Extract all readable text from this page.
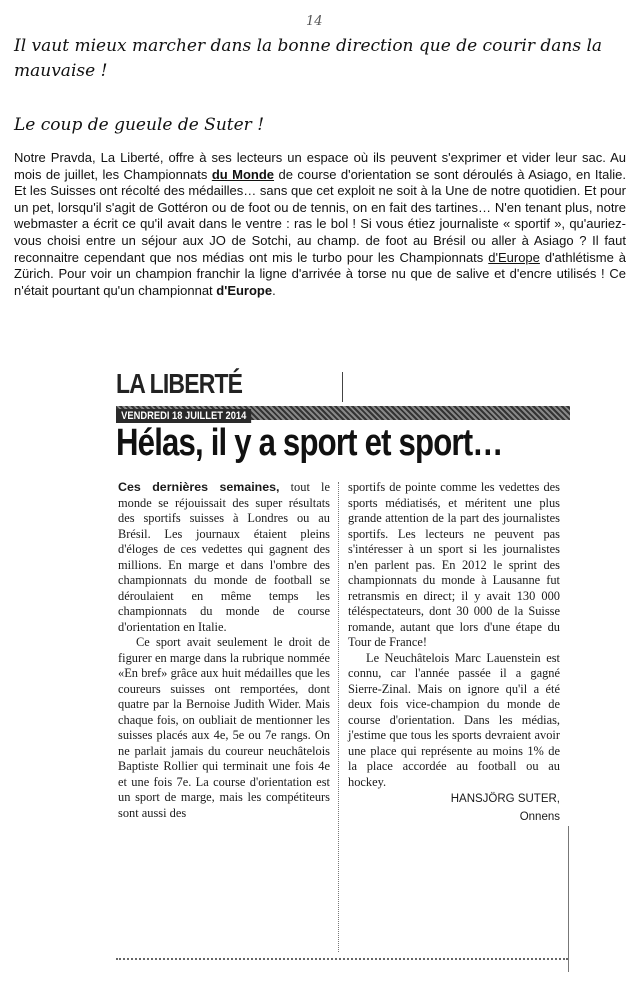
14
Il vaut mieux marcher dans la bonne direction que de courir dans la mauvaise !
Le coup de gueule de Suter !
Notre Pravda, La Liberté, offre à ses lecteurs un espace où ils peuvent s'exprimer et vider leur sac. Au mois de juillet, les Championnats du Monde de course d'orientation se sont déroulés à Asiago, en Italie. Et les Suisses ont récolté des médailles… sans que cet exploit ne soit à la Une de notre quotidien. Et pour un pet, lorsqu'il s'agit de Gottéron ou de foot ou de tennis, on en fait des tartines… N'en tenant plus, notre webmaster a écrit ce qu'il avait dans le ventre : ras le bol ! Si vous étiez journaliste « sportif », qu'auriez-vous choisi entre un séjour aux JO de Sotchi, au champ. de foot au Brésil ou aller à Asiago ? Il faut reconnaitre cependant que nos médias ont mis le turbo pour les Championnats d'Europe d'athlétisme à Zürich. Pour voir un champion franchir la ligne d'arrivée à torse nu que de salive et d'encre utilisés ! Ce n'était pourtant qu'un championnat d'Europe.
LA LIBERTÉ
VENDREDI 18 JUILLET 2014
Hélas, il y a sport et sport…

Ces dernières semaines, tout le monde se réjouissait des super résultats des sportifs suisses à Londres ou au Brésil. Les journaux étaient pleins d'éloges de ces vedettes qui gagnent des millions. En marge et dans l'ombre des championnats du monde de football se déroulaient en même temps les championnats du monde de course d'orientation en Italie.

Ce sport avait seulement le droit de figurer en marge dans la rubrique nommée «En bref» grâce aux huit médailles que les coureurs suisses ont remportées, dont quatre par la Bernoise Judith Wider. Mais chaque fois, on oubliait de mentionner les suisses placés aux 4e, 5e ou 7e rangs. On ne parlait jamais du coureur neuchâtelois Baptiste Rollier qui terminait une fois 4e et une fois 7e. La course d'orientation est un sport de marge, mais les compétiteurs sont aussi des

sportifs de pointe comme les vedettes des sports médiatisés, et méritent une plus grande attention de la part des journalistes sportifs. Les lecteurs ne peuvent pas s'intéresser à un sport si les journalistes n'en parlent pas. En 2012 le sprint des championnats du monde à Lausanne fut retransmis en direct; il y avait 130 000 téléspectateurs, dont 30 000 de la Suisse romande, autant que lors d'une étape du Tour de France!

Le Neuchâtelois Marc Lauenstein est connu, car l'année passée il a gagné Sierre-Zinal. Mais on ignore qu'il a été deux fois vice-champion du monde de course d'orientation. Dans les médias, j'estime que tous les sports devraient avoir une place qui représente au moins 1% de la place accordée au football ou au hockey.

HANSJÖRG SUTER,
Onnens
